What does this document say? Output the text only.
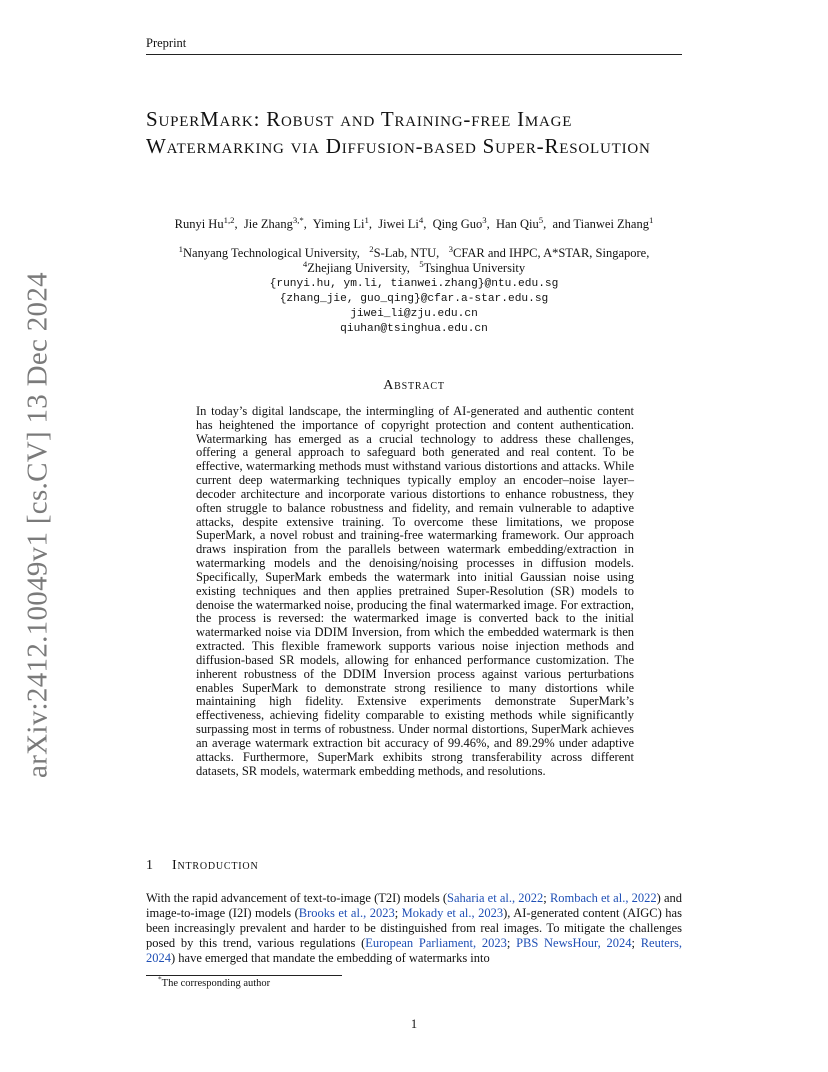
Preprint
arXiv:2412.10049v1 [cs.CV] 13 Dec 2024
SuperMark: Robust and Training-free Image Watermarking via Diffusion-based Super-Resolution
Runyi Hu$^{1,2}$,  Jie Zhang$^{3,*}$,  Yiming Li$^1$,  Jiwei Li$^4$,  Qing Guo$^3$,  Han Qiu$^5$,  and Tianwei Zhang$^1$
$^1$Nanyang Technological University, $^2$S-Lab, NTU, $^3$CFAR and IHPC, A*STAR, Singapore,
$^4$Zhejiang University, $^5$Tsinghua University
{runyi.hu, ym.li, tianwei.zhang}@ntu.edu.sg
{zhang_jie, guo_qing}@cfar.a-star.edu.sg
jiwei_li@zju.edu.cn
qiuhan@tsinghua.edu.cn
Abstract

In today’s digital landscape, the intermingling of AI-generated and authentic content has heightened the importance of copyright protection and content authentication. Watermarking has emerged as a crucial technology to address these challenges, offering a general approach to safeguard both generated and real content. To be effective, watermarking methods must withstand various distortions and attacks. While current deep watermarking techniques typically employ an encoder–noise layer–decoder architecture and incorporate various distortions to enhance robustness, they often struggle to balance robustness and fidelity, and remain vulnerable to adaptive attacks, despite extensive training. To overcome these limitations, we propose SuperMark, a novel robust and training-free watermarking framework. Our approach draws inspiration from the parallels between watermark embedding/extraction in watermarking models and the denoising/noising processes in diffusion models. Specifically, SuperMark embeds the watermark into initial Gaussian noise using existing techniques and then applies pretrained Super-Resolution (SR) models to denoise the watermarked noise, producing the final watermarked image. For extraction, the process is reversed: the watermarked image is converted back to the initial watermarked noise via DDIM Inversion, from which the embedded watermark is then extracted. This flexible framework supports various noise injection methods and diffusion-based SR models, allowing for enhanced performance customization. The inherent robustness of the DDIM Inversion process against various perturbations enables SuperMark to demonstrate strong resilience to many distortions while maintaining high fidelity. Extensive experiments demonstrate SuperMark’s effectiveness, achieving fidelity comparable to existing methods while significantly surpassing most in terms of robustness. Under normal distortions, SuperMark achieves an average watermark extraction bit accuracy of 99.46%, and 89.29% under adaptive attacks. Furthermore, SuperMark exhibits strong transferability across different datasets, SR models, watermark embedding methods, and resolutions.

1 Introduction

With the rapid advancement of text-to-image (T2I) models (Saharia et al., 2022; Rombach et al., 2022) and image-to-image (I2I) models (Brooks et al., 2023; Mokady et al., 2023), AI-generated content (AIGC) has been increasingly prevalent and harder to be distinguished from real images. To mitigate the challenges posed by this trend, various regulations (European Parliament, 2023; PBS NewsHour, 2024; Reuters, 2024) have emerged that mandate the embedding of watermarks into

*The corresponding author
1
